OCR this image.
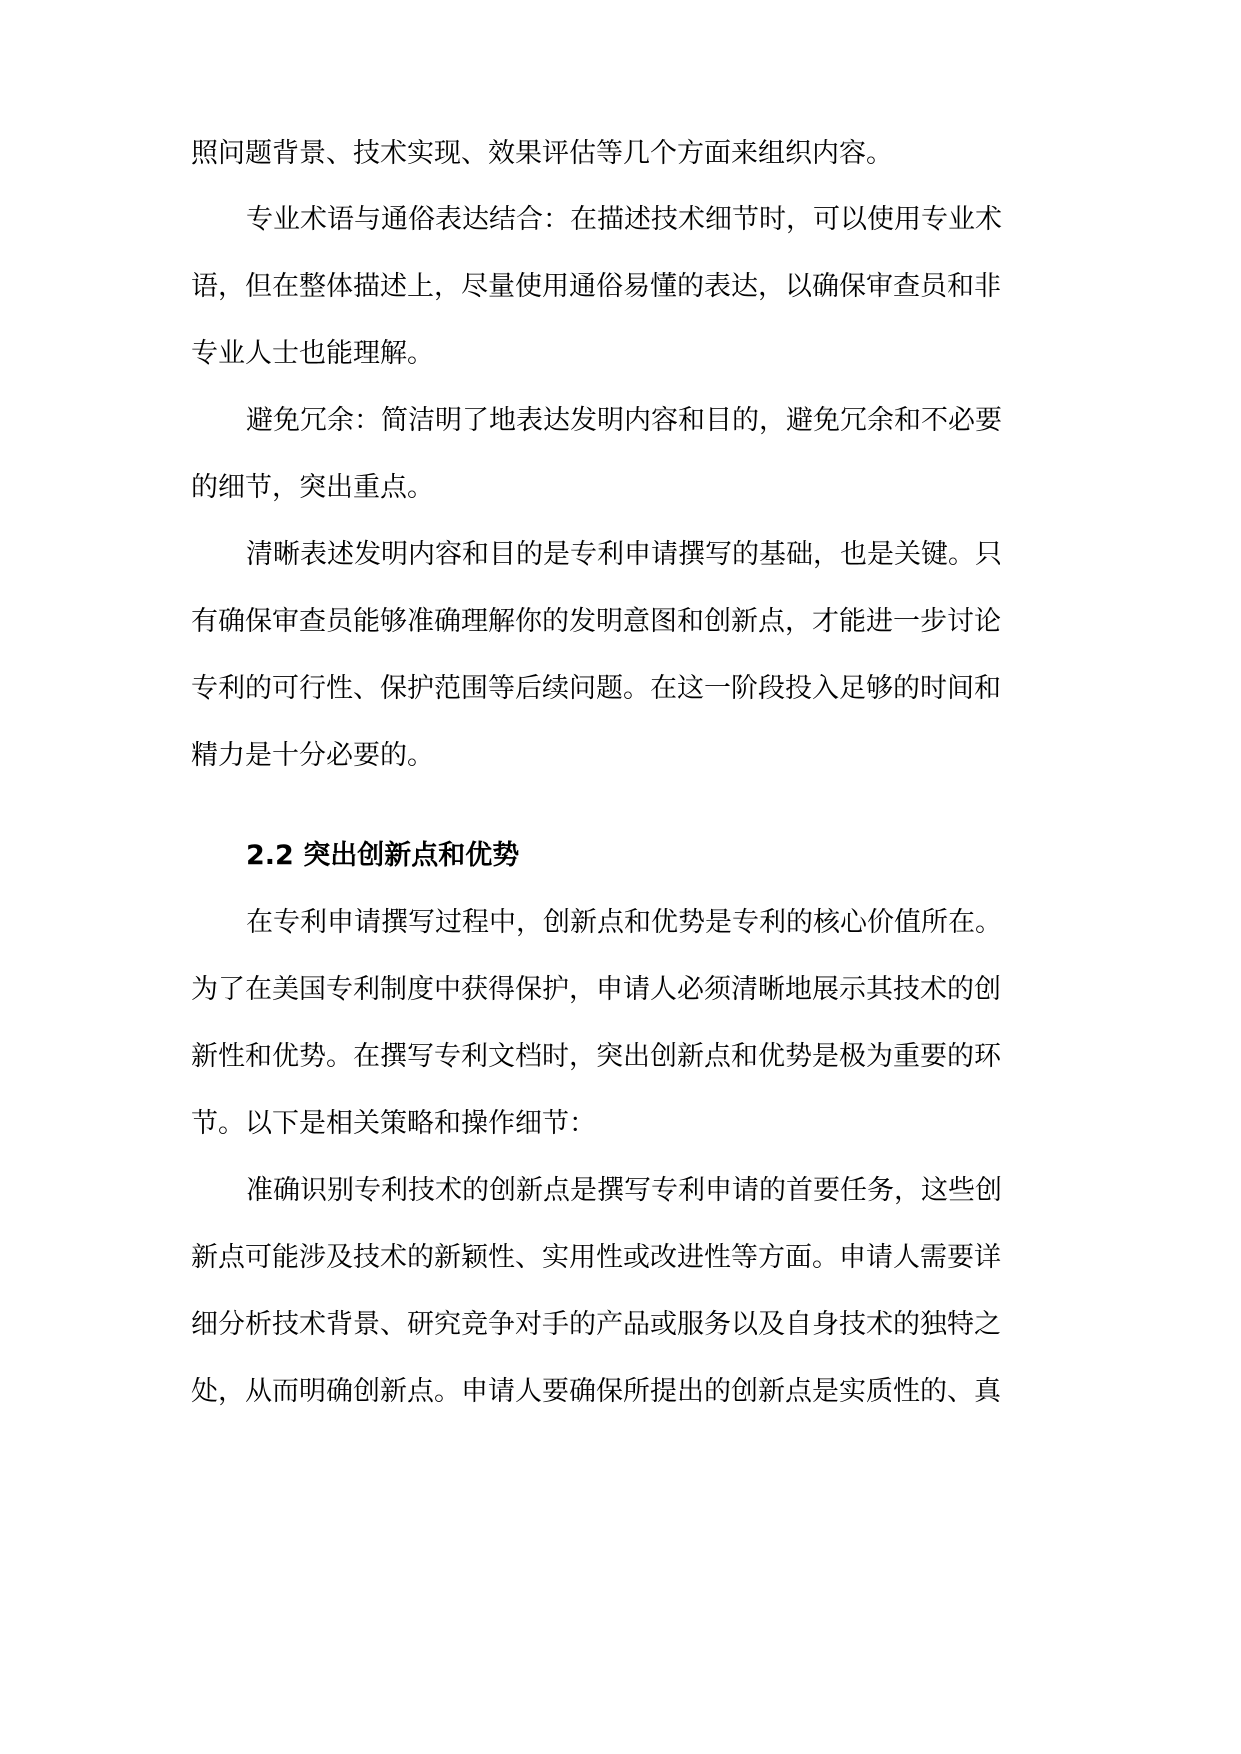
照问题背景、技术实现、效果评估等几个方面来组织内容。
专业术语与通俗表达结合：在描述技术细节时，可以使用专业术
语，但在整体描述上，尽量使用通俗易懂的表达，以确保审查员和非
专业人士也能理解。
避免冗余：简洁明了地表达发明内容和目的，避免冗余和不必要
的细节，突出重点。
清晰表述发明内容和目的是专利申请撰写的基础，也是关键。只
有确保审查员能够准确理解你的发明意图和创新点，才能进一步讨论
专利的可行性、保护范围等后续问题。在这一阶段投入足够的时间和
精力是十分必要的。
2.2 突出创新点和优势
在专利申请撰写过程中，创新点和优势是专利的核心价值所在。
为了在美国专利制度中获得保护，申请人必须清晰地展示其技术的创
新性和优势。在撰写专利文档时，突出创新点和优势是极为重要的环
节。以下是相关策略和操作细节：
准确识别专利技术的创新点是撰写专利申请的首要任务，这些创
新点可能涉及技术的新颖性、实用性或改进性等方面。申请人需要详
细分析技术背景、研究竞争对手的产品或服务以及自身技术的独特之
处，从而明确创新点。申请人要确保所提出的创新点是实质性的、真
